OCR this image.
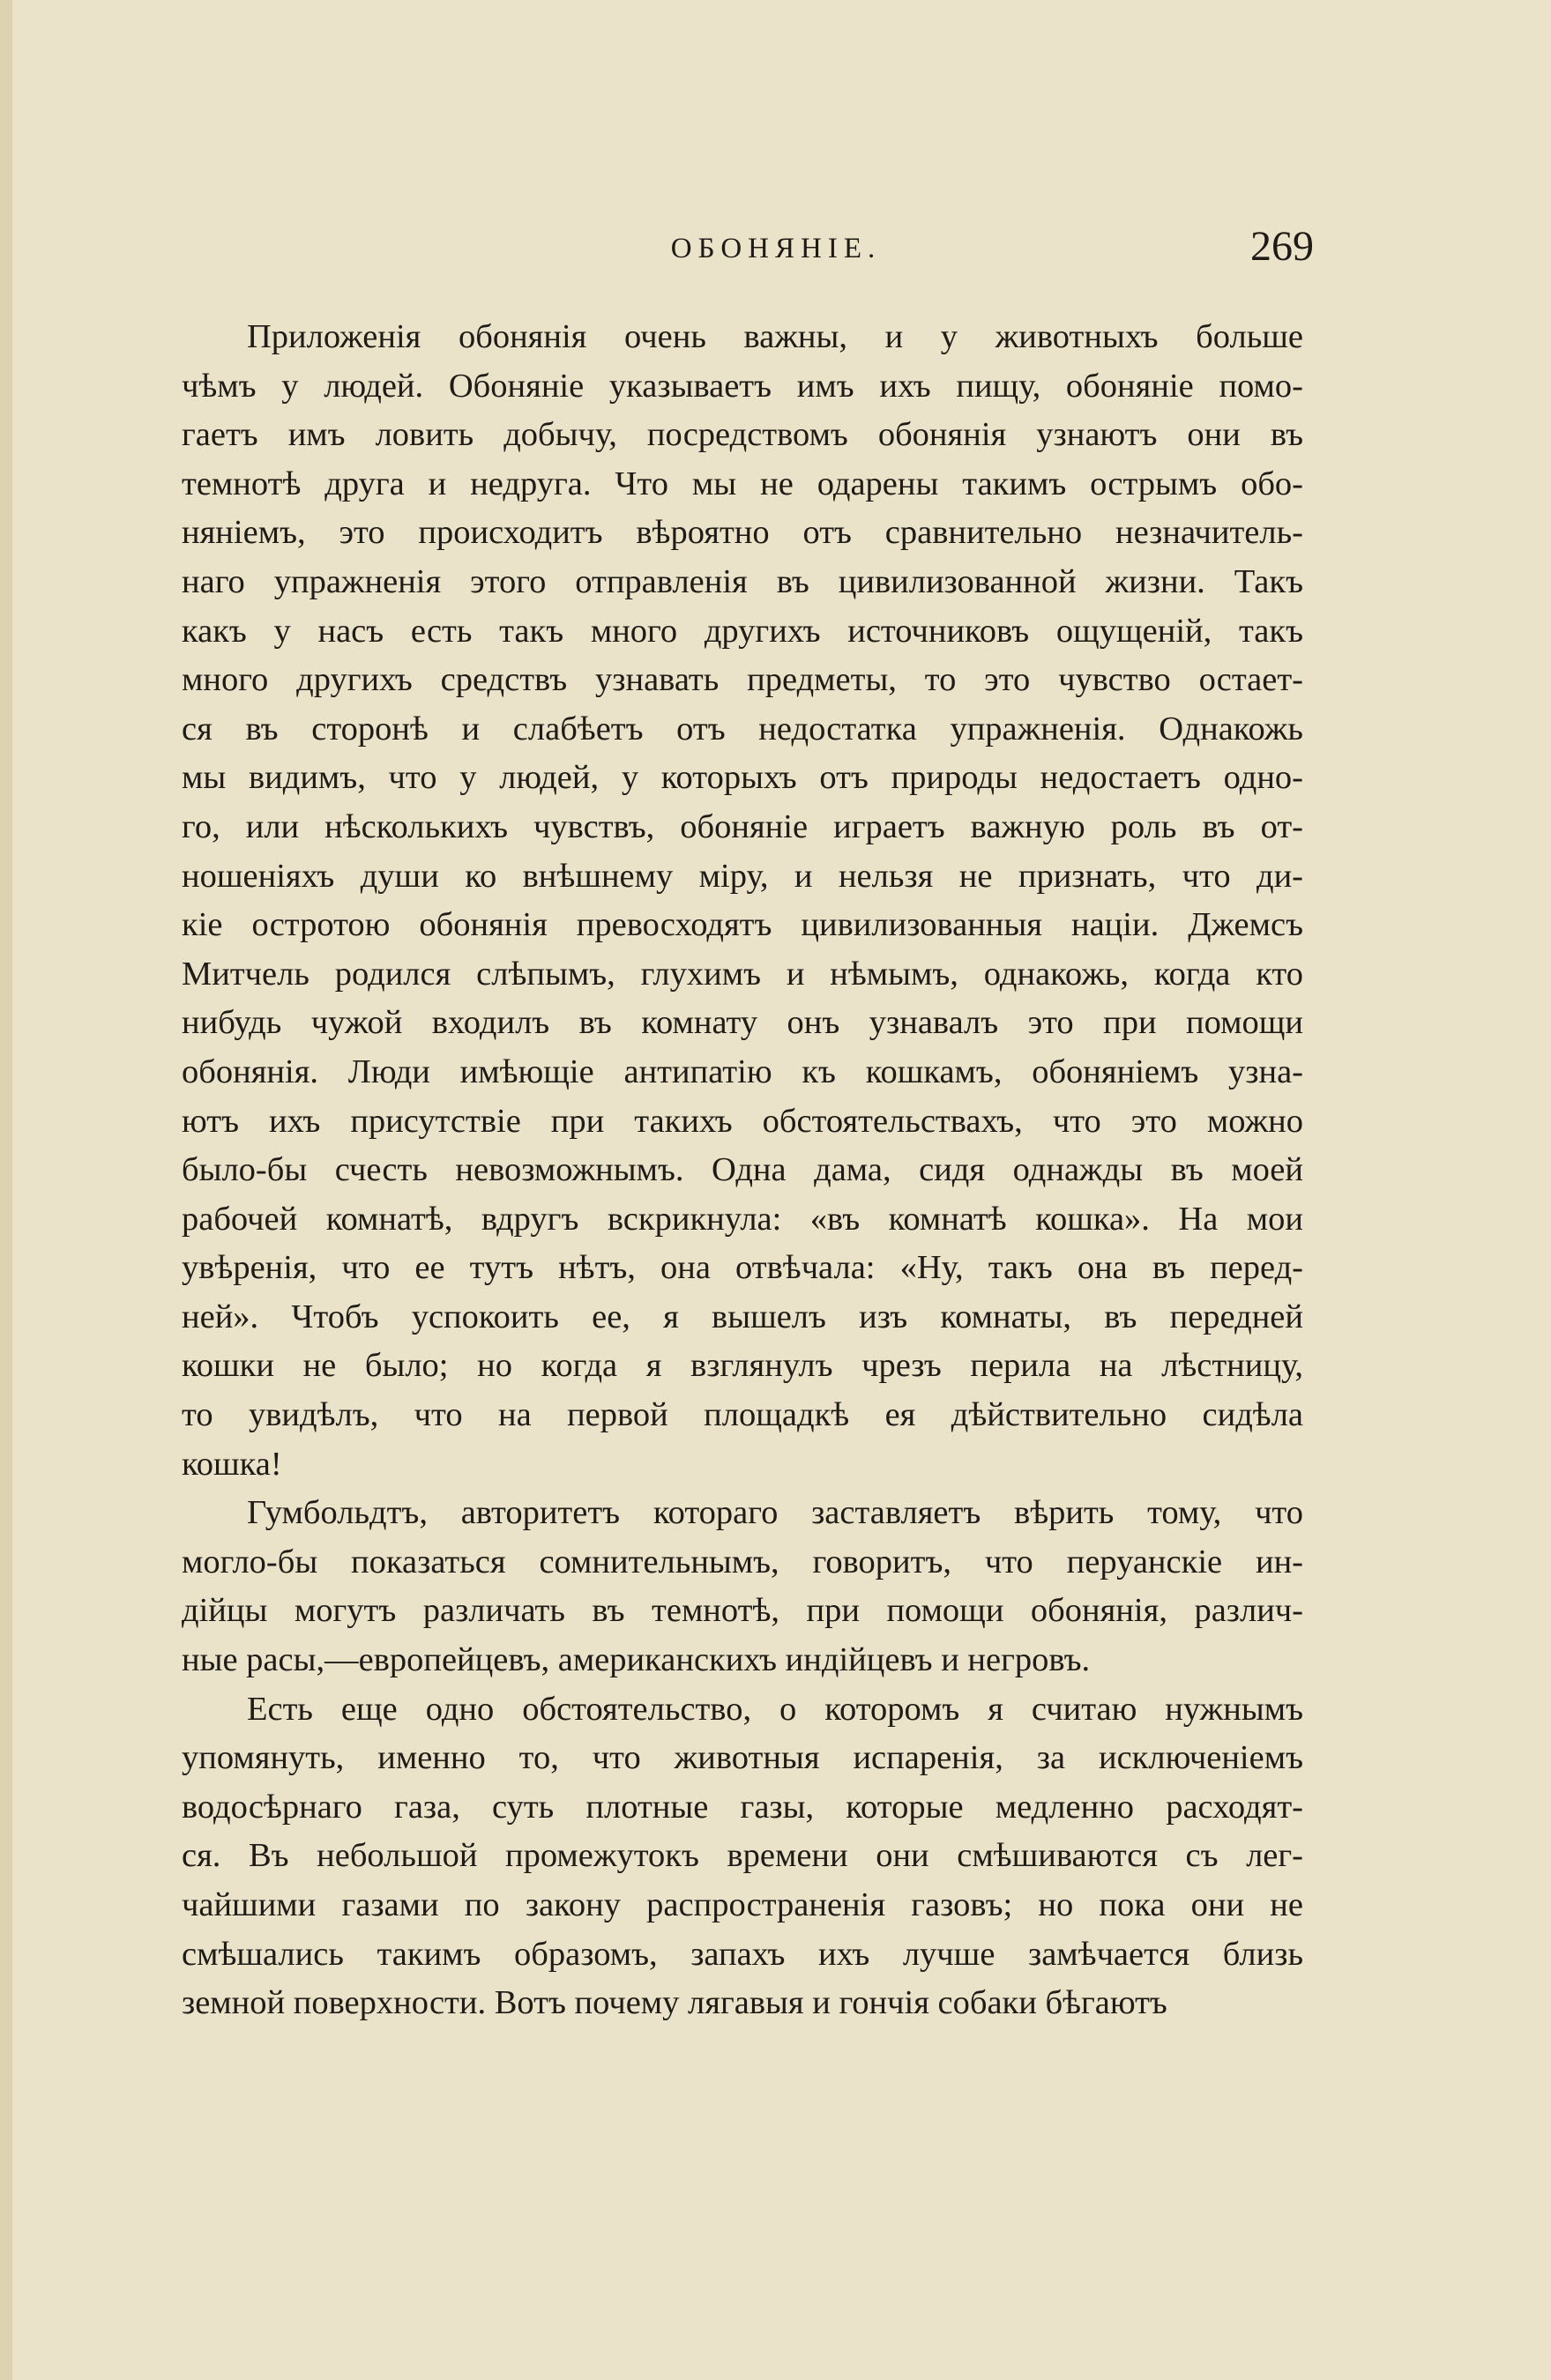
ОБОНЯНІЕ.	269

Приложенія обонянія очень важны, и у животныхъ больше
чѣмъ у людей. Обоняніе указываетъ имъ ихъ пищу, обоняніе помо-
гаетъ имъ ловить добычу, посредствомъ обонянія узнаютъ они въ
темнотѣ друга и недруга. Что мы не одарены такимъ острымъ обо-
няніемъ, это происходитъ вѣроятно отъ сравнительно незначитель-
наго упражненія этого отправленія въ цивилизованной жизни. Такъ
какъ у насъ есть такъ много другихъ источниковъ ощущеній, такъ
много другихъ средствъ узнавать предметы, то это чувство остает-
ся въ сторонѣ и слабѣетъ отъ недостатка упражненія. Однакожь
мы видимъ, что у людей, у которыхъ отъ природы недостаетъ одно-
го, или нѣсколькихъ чувствъ, обоняніе играетъ важную роль въ от-
ношеніяхъ души ко внѣшнему міру, и нельзя не признать, что ди-
кіе остротою обонянія превосходятъ цивилизованныя націи. Джемсъ
Митчель родился слѣпымъ, глухимъ и нѣмымъ, однакожь, когда кто
нибудь чужой входилъ въ комнату онъ узнавалъ это при помощи
обонянія. Люди имѣющіе антипатію къ кошкамъ, обоняніемъ узна-
ютъ ихъ присутствіе при такихъ обстоятельствахъ, что это можно
было-бы счесть невозможнымъ. Одна дама, сидя однажды въ моей
рабочей комнатѣ, вдругъ вскрикнула: «въ комнатѣ кошка». На мои
увѣренія, что ее тутъ нѣтъ, она отвѣчала: «Ну, такъ она въ перед-
ней». Чтобъ успокоить ее, я вышелъ изъ комнаты, въ передней
кошки не было; но когда я взглянулъ чрезъ перила на лѣстницу,
то увидѣлъ, что на первой площадкѣ ея дѣйствительно сидѣла
кошка!

Гумбольдтъ, авторитетъ котораго заставляетъ вѣрить тому, что
могло-бы показаться сомнительнымъ, говоритъ, что перуанскіе ин-
дійцы могутъ различать въ темнотѣ, при помощи обонянія, различ-
ные расы,—европейцевъ, американскихъ индійцевъ и негровъ.

Есть еще одно обстоятельство, о которомъ я считаю нужнымъ
упомянуть, именно то, что животныя испаренія, за исключеніемъ
водосѣрнаго газа, суть плотные газы, которые медленно расходят-
ся. Въ небольшой промежутокъ времени они смѣшиваются съ лег-
чайшими газами по закону распространенія газовъ; но пока они не
смѣшались такимъ образомъ, запахъ ихъ лучше замѣчается близь
земной поверхности. Вотъ почему лягавыя и гончія собаки бѣгаютъ
